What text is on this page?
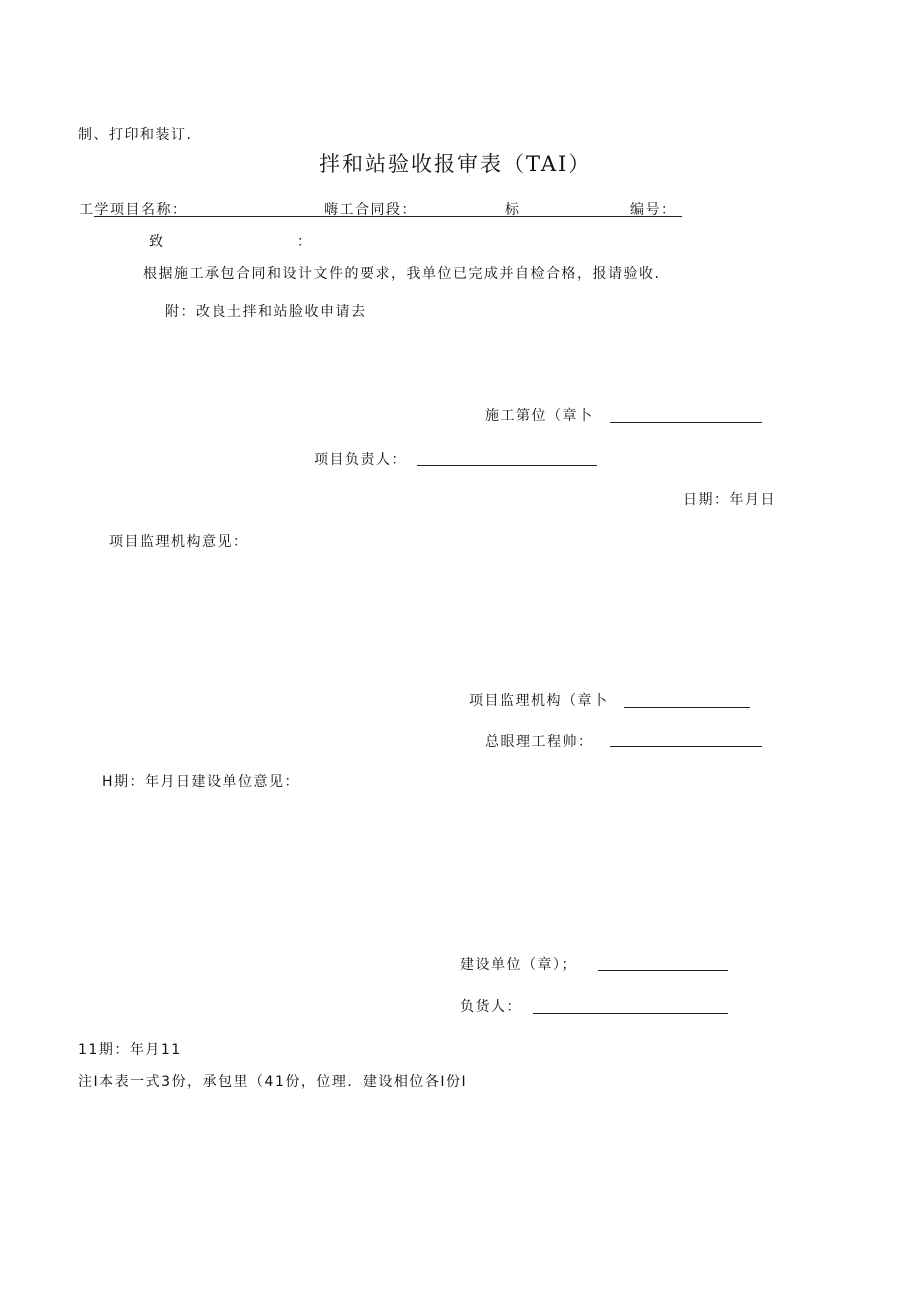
制、打印和装订.
拌和站验收报审表（TAI）
工学项目名称：	嗨工合同段：	标	编号：
致	：
根据施工承包合同和设计文件的要求，我单位已完成并自检合格，报请验收.
附：改良土拌和站脸收申请去
施工第位（章卜
项目负责人：
日期：年月日
项目监理机构意见：
项目监理机构（章卜
总眼理工程帅：
H期：年月日建设单位意见：
建设单位（章）；
负货人：
11期：年月11
注Ⅰ本表一式3份，承包里（41份，位理．建设相位各Ⅰ份Ⅰ
